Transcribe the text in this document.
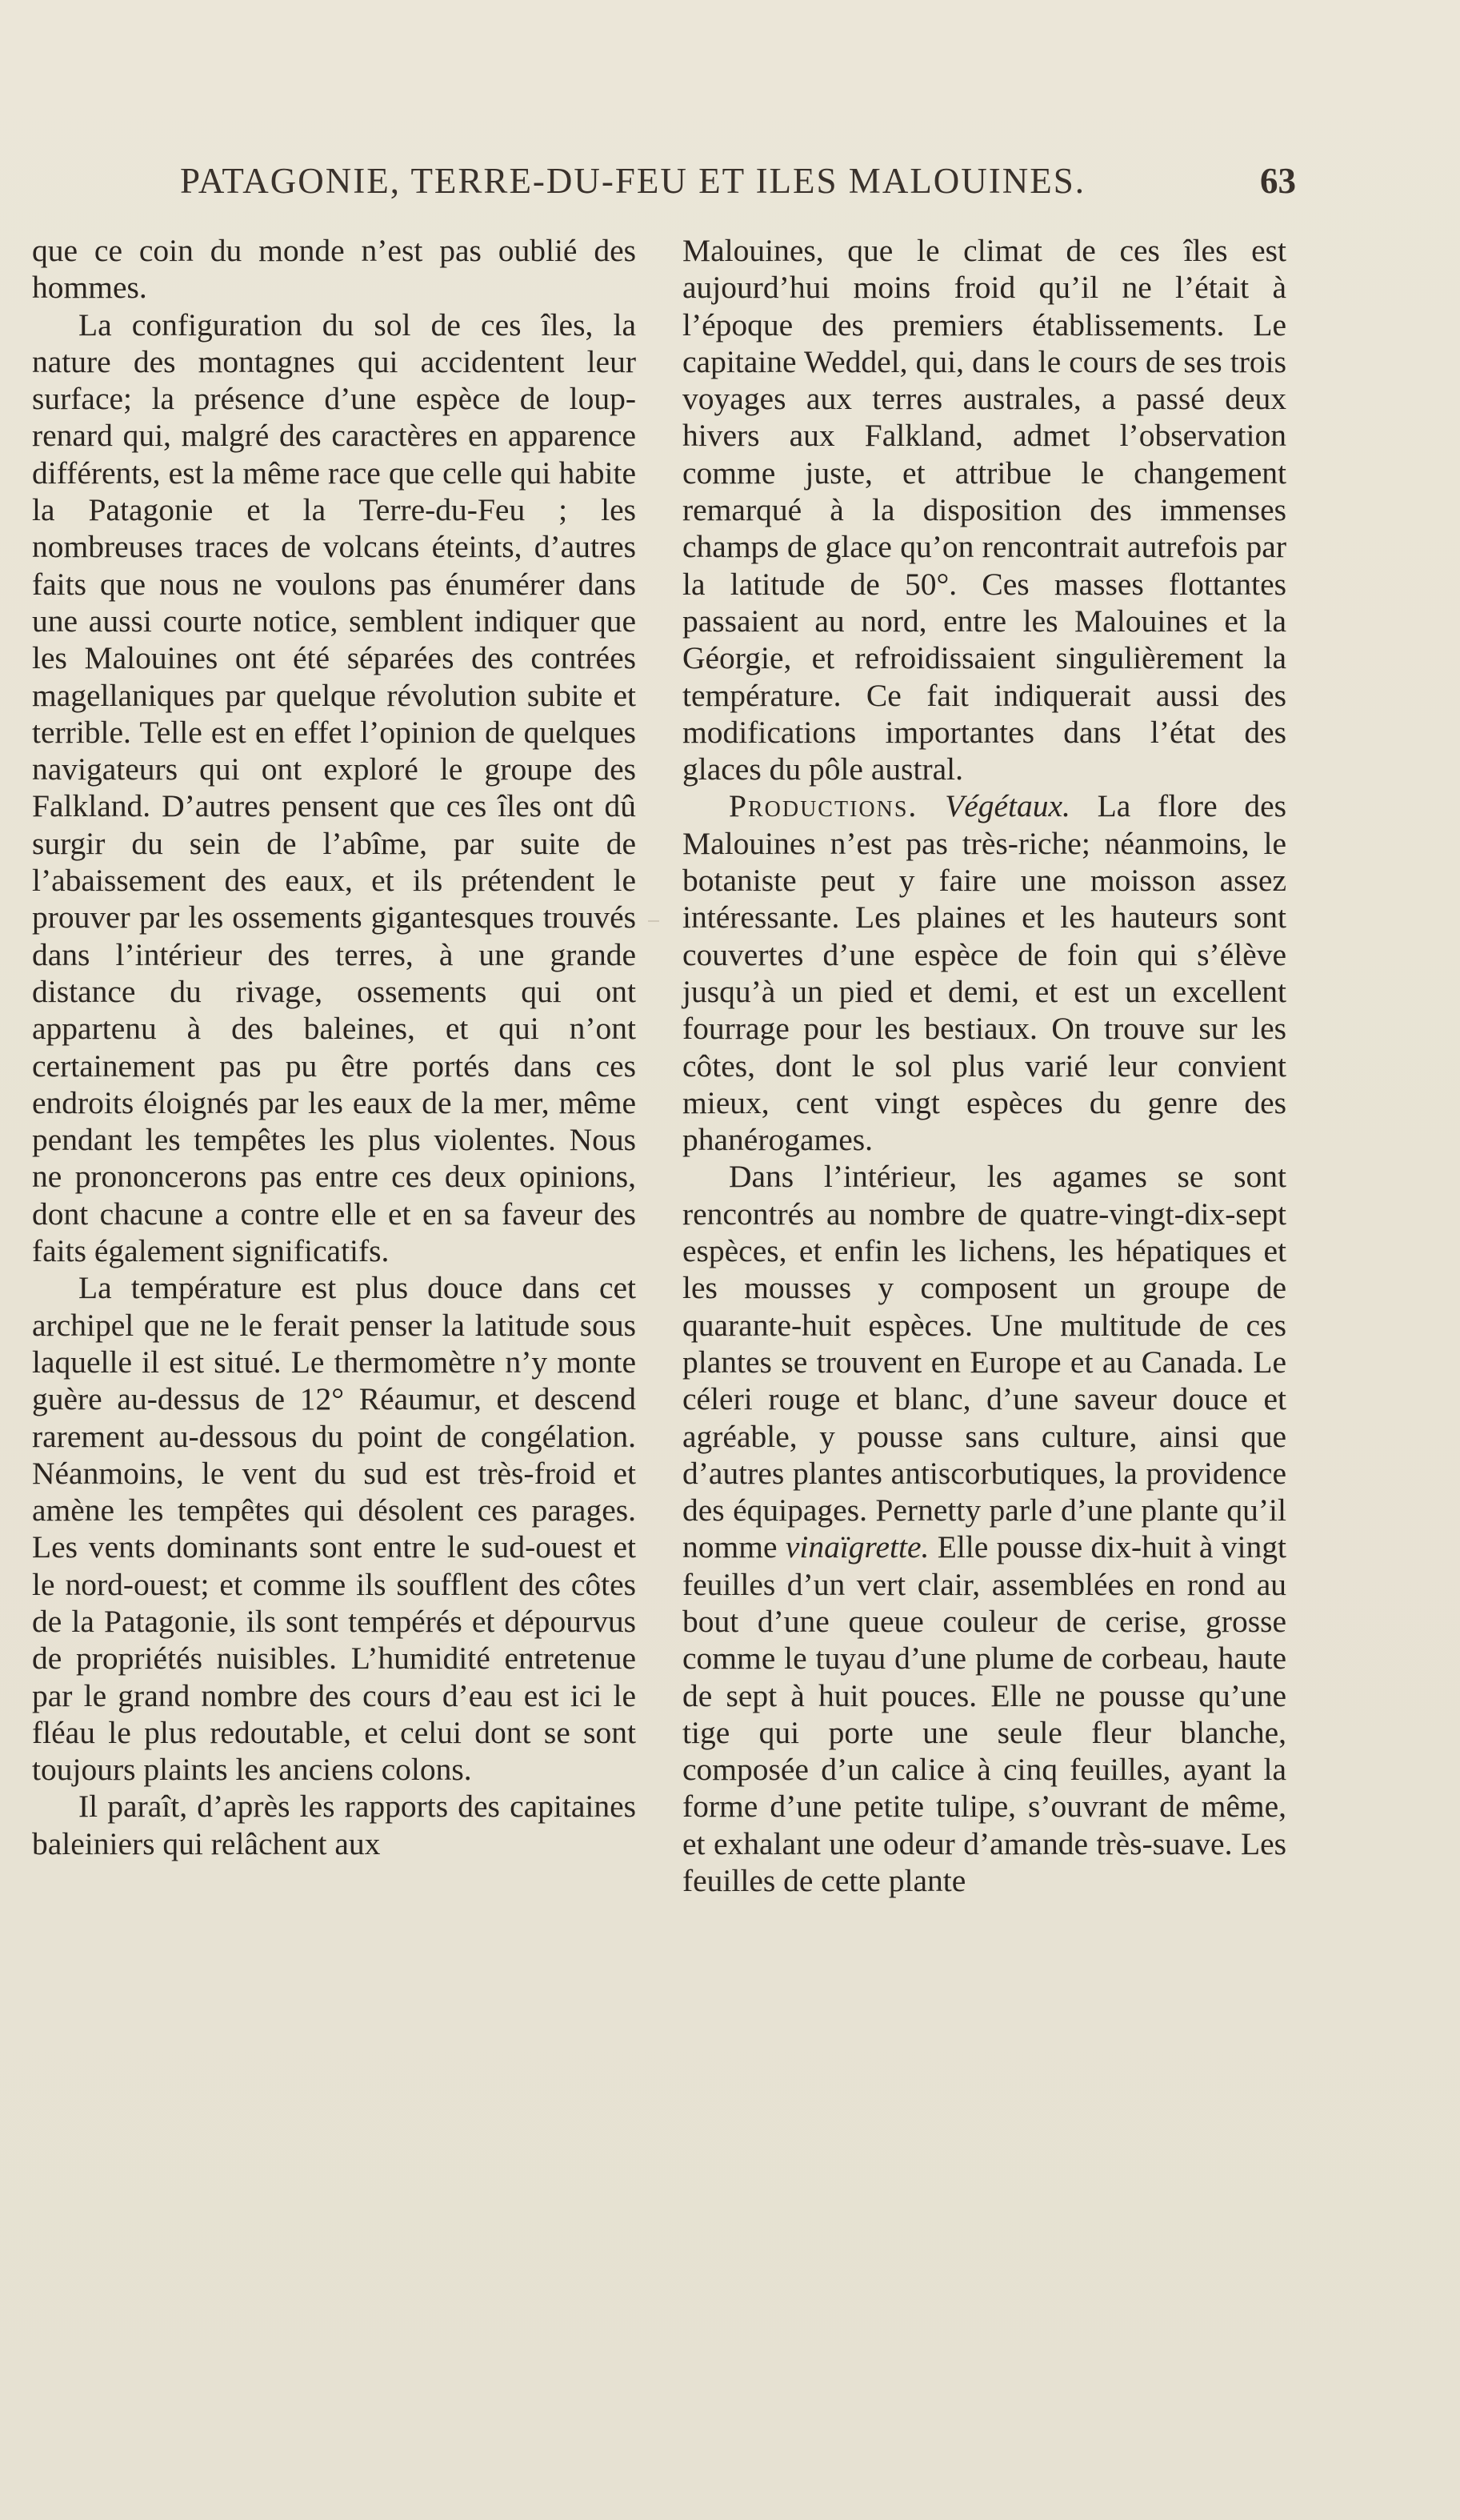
PATAGONIE, TERRE-DU-FEU ET ILES MALOUINES.	63

que ce coin du monde n’est pas oublié des hommes.

La configuration du sol de ces îles, la nature des montagnes qui accidentent leur surface; la présence d’une espèce de loup-renard qui, malgré des caractères en apparence différents, est la même race que celle qui habite la Patagonie et la Terre-du-Feu ; les nombreuses traces de volcans éteints, d’autres faits que nous ne voulons pas énumérer dans une aussi courte notice, semblent indiquer que les Malouines ont été séparées des contrées magellaniques par quelque révolution subite et terrible. Telle est en effet l’opinion de quelques navigateurs qui ont exploré le groupe des Falkland. D’autres pensent que ces îles ont dû surgir du sein de l’abîme, par suite de l’abaissement des eaux, et ils prétendent le prouver par les ossements gigantesques trouvés dans l’intérieur des terres, à une grande distance du rivage, ossements qui ont appartenu à des baleines, et qui n’ont certainement pas pu être portés dans ces endroits éloignés par les eaux de la mer, même pendant les tempêtes les plus violentes. Nous ne prononcerons pas entre ces deux opinions, dont chacune a contre elle et en sa faveur des faits également significatifs.

La température est plus douce dans cet archipel que ne le ferait penser la latitude sous laquelle il est situé. Le thermomètre n’y monte guère au-dessus de 12° Réaumur, et descend rarement au-dessous du point de congélation. Néanmoins, le vent du sud est très-froid et amène les tempêtes qui désolent ces parages. Les vents dominants sont entre le sud-ouest et le nord-ouest; et comme ils soufflent des côtes de la Patagonie, ils sont tempérés et dépourvus de propriétés nuisibles. L’humidité entretenue par le grand nombre des cours d’eau est ici le fléau le plus redoutable, et celui dont se sont toujours plaints les anciens colons.

Il paraît, d’après les rapports des capitaines baleiniers qui relâchent aux

Malouines, que le climat de ces îles est aujourd’hui moins froid qu’il ne l’était à l’époque des premiers établissements. Le capitaine Weddel, qui, dans le cours de ses trois voyages aux terres australes, a passé deux hivers aux Falkland, admet l’observation comme juste, et attribue le changement remarqué à la disposition des immenses champs de glace qu’on rencontrait autrefois par la latitude de 50°. Ces masses flottantes passaient au nord, entre les Malouines et la Géorgie, et refroidissaient singulièrement la température. Ce fait indiquerait aussi des modifications importantes dans l’état des glaces du pôle austral.

Productions. Végétaux. La flore des Malouines n’est pas très-riche; néanmoins, le botaniste peut y faire une moisson assez intéressante. Les plaines et les hauteurs sont couvertes d’une espèce de foin qui s’élève jusqu’à un pied et demi, et est un excellent fourrage pour les bestiaux. On trouve sur les côtes, dont le sol plus varié leur convient mieux, cent vingt espèces du genre des phanérogames.

Dans l’intérieur, les agames se sont rencontrés au nombre de quatre-vingt-dix-sept espèces, et enfin les lichens, les hépatiques et les mousses y composent un groupe de quarante-huit espèces. Une multitude de ces plantes se trouvent en Europe et au Canada. Le céleri rouge et blanc, d’une saveur douce et agréable, y pousse sans culture, ainsi que d’autres plantes antiscorbutiques, la providence des équipages. Pernetty parle d’une plante qu’il nomme vinaïgrette. Elle pousse dix-huit à vingt feuilles d’un vert clair, assemblées en rond au bout d’une queue couleur de cerise, grosse comme le tuyau d’une plume de corbeau, haute de sept à huit pouces. Elle ne pousse qu’une tige qui porte une seule fleur blanche, composée d’un calice à cinq feuilles, ayant la forme d’une petite tulipe, s’ouvrant de même, et exhalant une odeur d’amande très-suave. Les feuilles de cette plante
